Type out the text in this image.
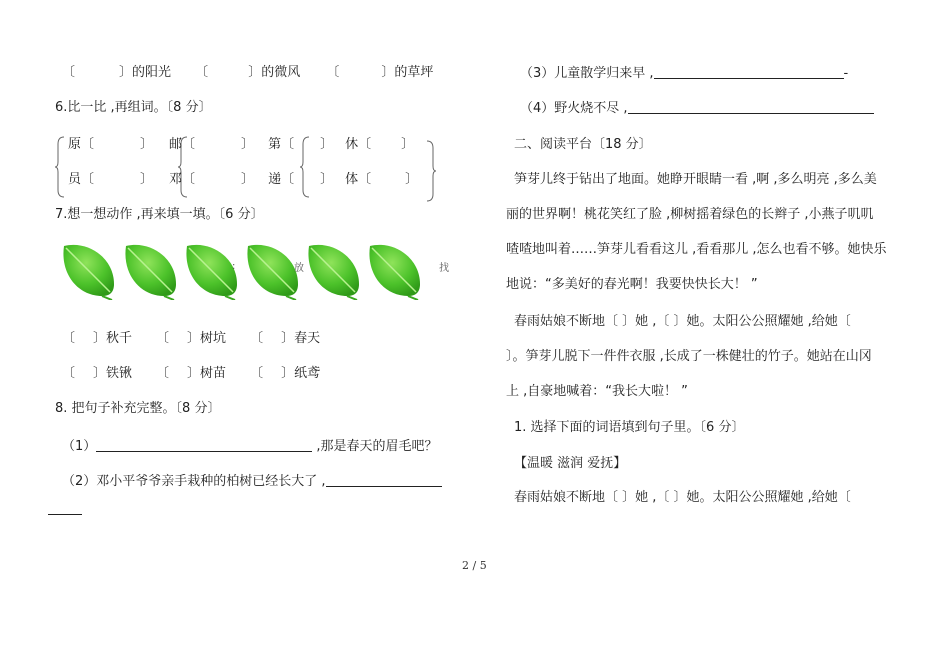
〔	〕的阳光 〔	〕的微风 〔	〕的草坪
6.比一比 ,再组词。〔8 分〕
原〔	〕 邮〔	〕 第〔 〕 休〔 〕
员〔	〕 邓〔	〕 递〔 〕 体〔	〕
7.想一想动作 ,再来填一填。〔6 分〕
:	放	找
〔 〕秋千 〔 〕树坑 〔 〕春天
〔 〕铁锹 〔 〕树苗 〔 〕纸鸢
8. 把句子补充完整。〔8 分〕
（1）	,那是春天的眉毛吧？
（2）邓小平爷爷亲手栽种的柏树已经长大了 ,
（3）儿童散学归来早 ,	-
（4）野火烧不尽 ,
二、阅读平台〔18 分〕
笋芽儿终于钻出了地面。她睁开眼睛一看 ,啊 ,多么明亮 ,多么美
丽的世界啊！桃花笑红了脸 ,柳树摇着绿色的长辫子 ,小燕子叽叽
喳喳地叫着……笋芽儿看看这儿 ,看看那儿 ,怎么也看不够。她快乐
地说：“多美好的春光啊！我要快快长大！ ”
春雨姑娘不断地〔 〕她 ,〔 〕她。太阳公公照耀她 ,给她〔
〕。笋芽儿脱下一件件衣服 ,长成了一株健壮的竹子。她站在山冈
上 ,自豪地喊着：“我长大啦！ ”
1. 选择下面的词语填到句子里。〔6 分〕
【温暖 滋润 爱抚】
春雨姑娘不断地〔 〕她 ,〔 〕她。太阳公公照耀她 ,给她〔
2 / 5
